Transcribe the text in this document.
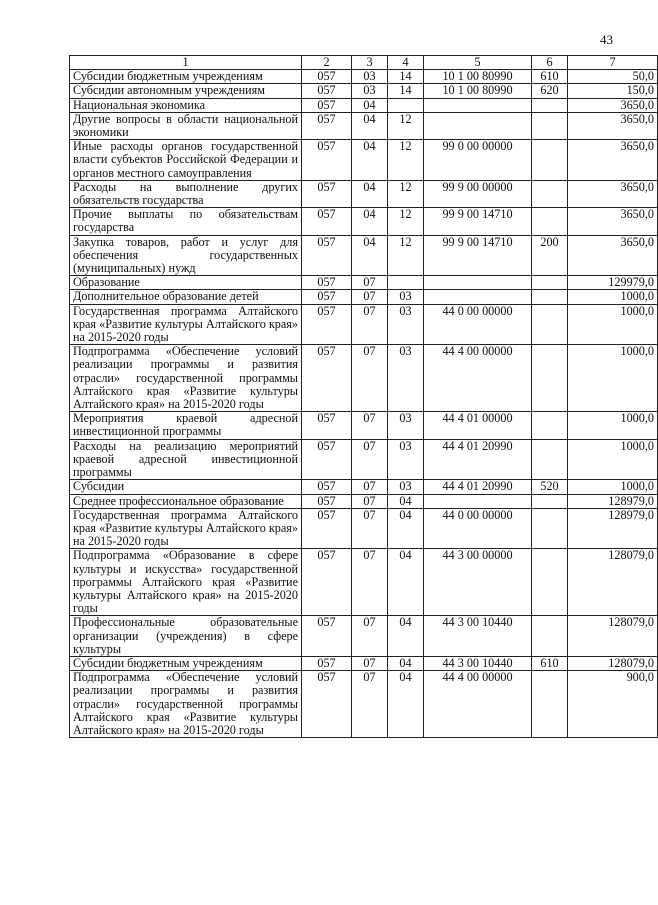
43
1	2	3	4	5	6	7
Субсидии бюджетным учреждениям	057	03	14	10 1 00 80990	610	50,0
Субсидии автономным учреждениям	057	03	14	10 1 00 80990	620	150,0
Национальная экономика	057	04				3650,0
Другие вопросы в области национальной экономики	057	04	12			3650,0
Иные расходы органов государственной власти субъектов Российской Федерации и органов местного самоуправления	057	04	12	99 0 00 00000		3650,0
Расходы на выполнение других обязательств государства	057	04	12	99 9 00 00000		3650,0
Прочие выплаты по обязательствам государства	057	04	12	99 9 00 14710		3650,0
Закупка товаров, работ и услуг для обеспечения государственных (муниципальных) нужд	057	04	12	99 9 00 14710	200	3650,0
Образование	057	07				129979,0
Дополнительное образование детей	057	07	03			1000,0
Государственная программа Алтайского края «Развитие культуры Алтайского края» на 2015-2020 годы	057	07	03	44 0 00 00000		1000,0
Подпрограмма «Обеспечение условий реализации программы и развития отрасли» государственной программы Алтайского края «Развитие культуры Алтайского края» на 2015-2020 годы	057	07	03	44 4 00 00000		1000,0
Мероприятия краевой адресной инвестиционной программы	057	07	03	44 4 01 00000		1000,0
Расходы на реализацию мероприятий краевой адресной инвестиционной программы	057	07	03	44 4 01 20990		1000,0
Субсидии	057	07	03	44 4 01 20990	520	1000,0
Среднее профессиональное образование	057	07	04			128979,0
Государственная программа Алтайского края «Развитие культуры Алтайского края» на 2015-2020 годы	057	07	04	44 0 00 00000		128979,0
Подпрограмма «Образование в сфере культуры и искусства» государственной программы Алтайского края «Развитие культуры Алтайского края» на 2015-2020 годы	057	07	04	44 3 00 00000		128079,0
Профессиональные образовательные организации (учреждения) в сфере культуры	057	07	04	44 3 00 10440		128079,0
Субсидии бюджетным учреждениям	057	07	04	44 3 00 10440	610	128079,0
Подпрограмма «Обеспечение условий реализации программы и развития отрасли» государственной программы Алтайского края «Развитие культуры Алтайского края» на 2015-2020 годы	057	07	04	44 4 00 00000		900,0
